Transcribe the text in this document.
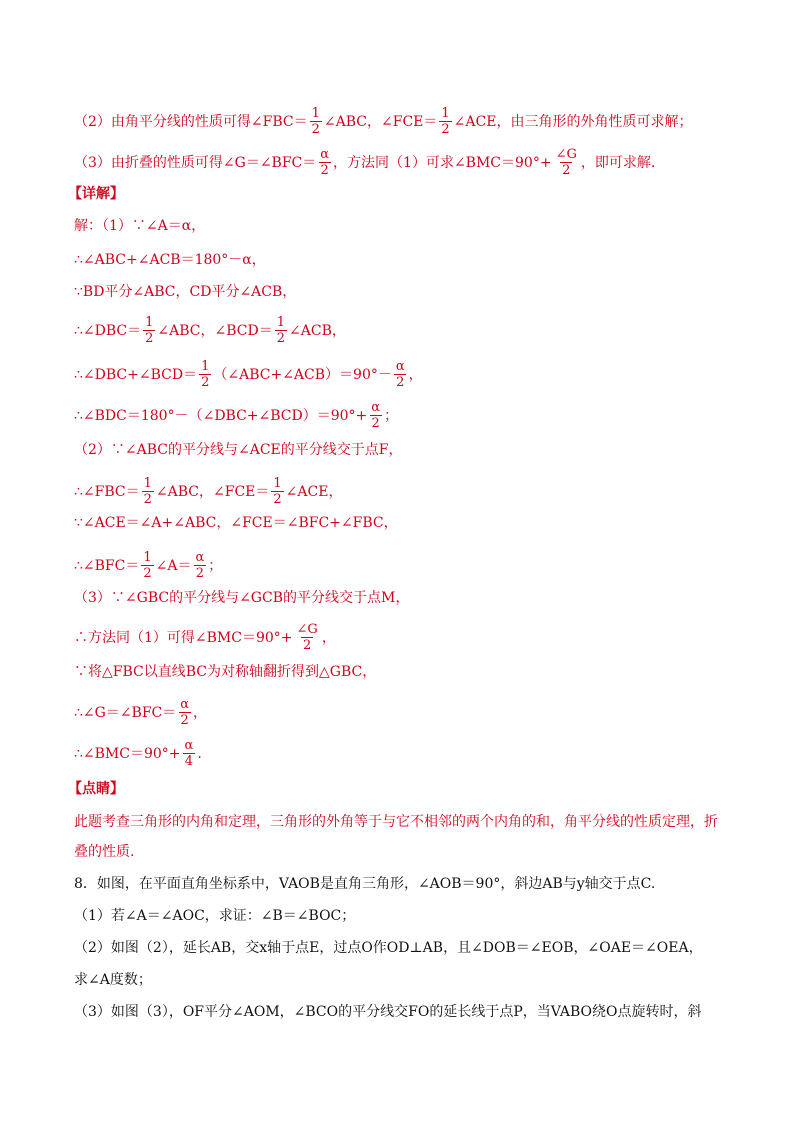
（2）由角平分线的性质可得∠FBC＝ $\frac{1}{2}$ ∠ABC，∠FCE＝ $\frac{1}{2}$ ∠ACE，由三角形的外角性质可求解；
（3）由折叠的性质可得∠G＝∠BFC＝ $\frac{\alpha}{2}$ ，方法同（1）可求∠BMC＝90°+ $\frac{\angle G}{2}$ ，即可求解.
【详解】
解：（1）∵∠A＝α，
∴∠ABC+∠ACB＝180°－α，
∵BD平分∠ABC，CD平分∠ACB，
∴∠DBC＝ $\frac{1}{2}$ ∠ABC，∠BCD＝ $\frac{1}{2}$ ∠ACB，
∴∠DBC+∠BCD＝ $\frac{1}{2}$ （∠ABC+∠ACB）＝90°－ $\frac{\alpha}{2}$ ，
∴∠BDC＝180°－（∠DBC+∠BCD）＝90°+ $\frac{\alpha}{2}$ ；
（2）∵∠ABC的平分线与∠ACE的平分线交于点F，
∴∠FBC＝ $\frac{1}{2}$ ∠ABC，∠FCE＝ $\frac{1}{2}$ ∠ACE，
∵∠ACE＝∠A+∠ABC，∠FCE＝∠BFC+∠FBC，
∴∠BFC＝ $\frac{1}{2}$ ∠A＝ $\frac{\alpha}{2}$ ；
（3）∵∠GBC的平分线与∠GCB的平分线交于点M，
∴方法同（1）可得∠BMC＝90°+ $\frac{\angle G}{2}$ ，
∵将△FBC以直线BC为对称轴翻折得到△GBC，
∴∠G＝∠BFC＝ $\frac{\alpha}{2}$ ，
∴∠BMC＝90°+ $\frac{\alpha}{4}$ .
【点睛】
此题考查三角形的内角和定理，三角形的外角等于与它不相邻的两个内角的和，角平分线的性质定理，折叠的性质.
8．如图，在平面直角坐标系中，VAOB是直角三角形，∠AOB＝90°，斜边AB与y轴交于点C.
（1）若∠A＝∠AOC，求证：∠B＝∠BOC；
（2）如图（2），延长AB，交x轴于点E，过点O作OD⊥AB，且∠DOB＝∠EOB，∠OAE＝∠OEA，
求∠A度数；
（3）如图（3），OF平分∠AOM，∠BCO的平分线交FO的延长线于点P，当VABO绕O点旋转时，斜
